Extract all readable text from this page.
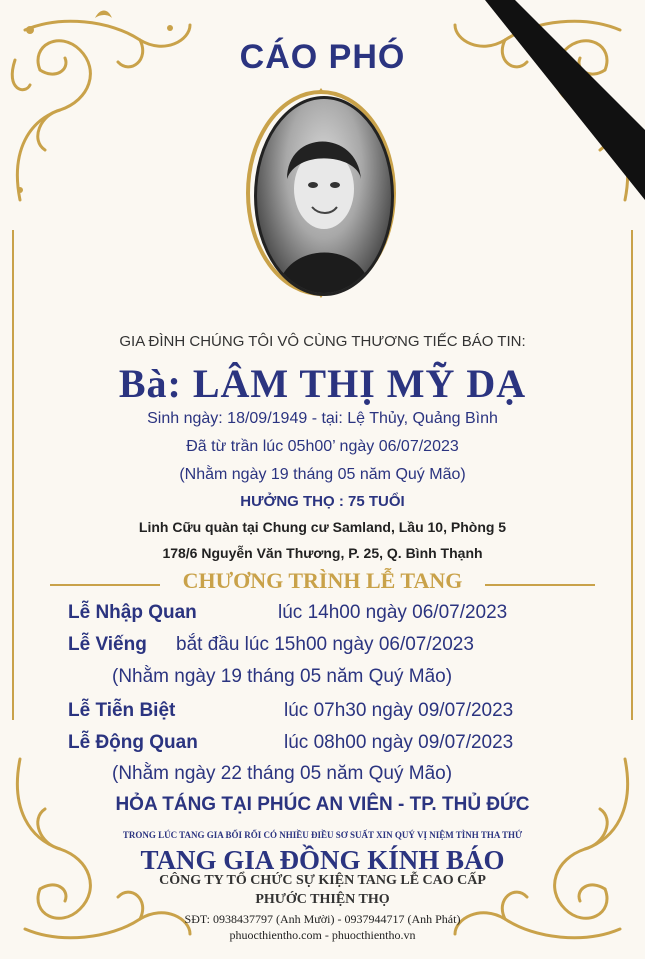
CÁO PHÓ
GIA ĐÌNH CHÚNG TÔI VÔ CÙNG THƯƠNG TIẾC BÁO TIN:
Bà: LÂM THỊ MỸ DẠ
Sinh ngày: 18/09/1949 - tại: Lệ Thủy, Quảng Bình
Đã từ trần lúc 05h00’ ngày 06/07/2023
(Nhằm ngày 19 tháng 05 năm Quý Mão)
HƯỞNG THỌ : 75 TUỔI
Linh Cữu quàn tại Chung cư Samland, Lầu 10, Phòng 5
178/6 Nguyễn Văn Thương, P. 25, Q. Bình Thạnh
CHƯƠNG TRÌNH LỄ TANG
Lễ Nhập Quan	lúc 14h00 ngày 06/07/2023
Lễ Viếng bắt đầu lúc 15h00 ngày 06/07/2023
(Nhằm ngày 19 tháng 05 năm Quý Mão)
Lễ Tiễn Biệt	lúc 07h30 ngày 09/07/2023
Lễ Động Quan	lúc 08h00 ngày 09/07/2023
(Nhằm ngày 22 tháng 05 năm Quý Mão)
HỎA TÁNG TẠI PHÚC AN VIÊN - TP. THỦ ĐỨC
TRONG LÚC TANG GIA BỐI RỐI CÓ NHIỀU ĐIỀU SƠ SUẤT XIN QUÝ VỊ NIỆM TÌNH THA THỨ
TANG GIA ĐỒNG KÍNH BÁO
CÔNG TY TỔ CHỨC SỰ KIỆN TANG LỄ CAO CẤP
PHƯỚC THIỆN THỌ
SĐT: 0938437797 (Anh Mười) - 0937944717 (Anh Phát)
phuocthientho.com - phuocthientho.vn
